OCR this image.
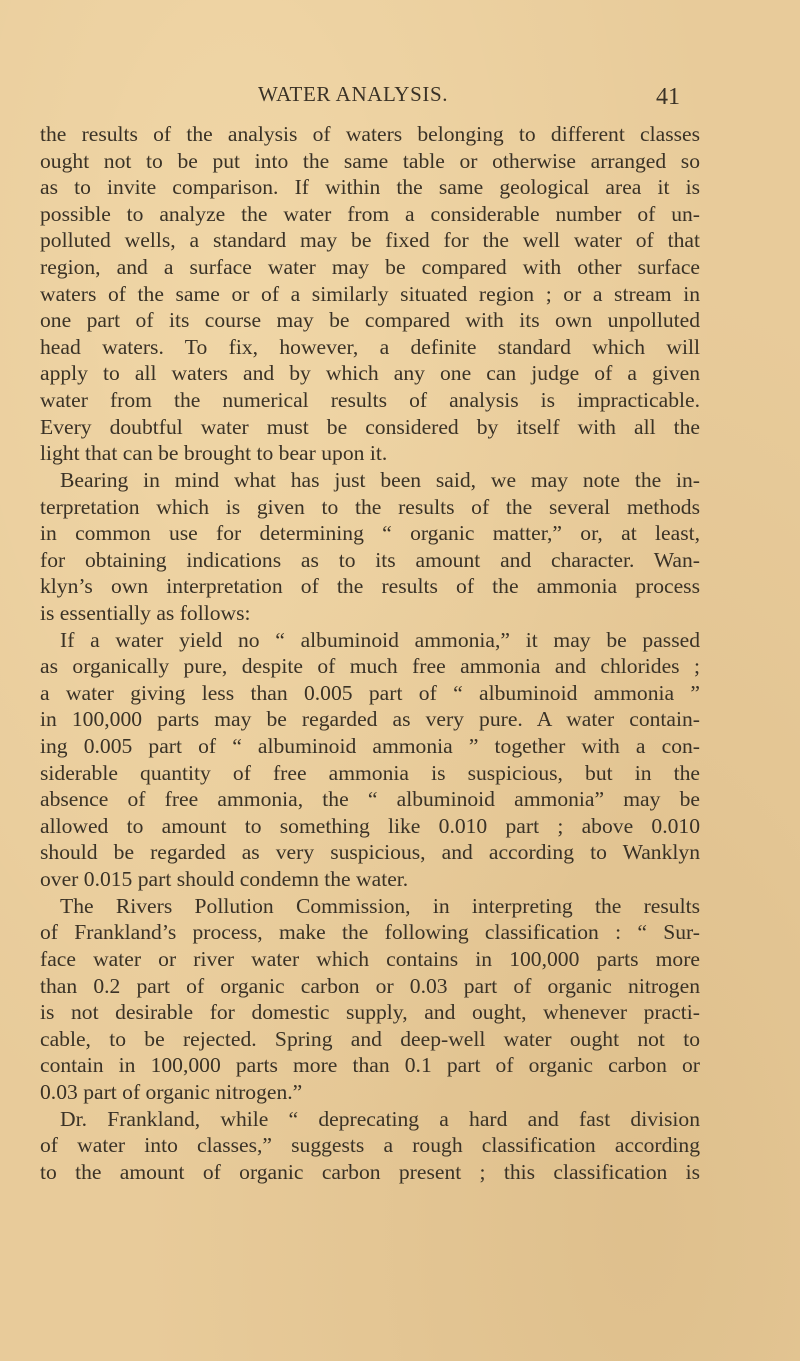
WATER ANALYSIS.	41
the results of the analysis of waters belonging to different classes
ought not to be put into the same table or otherwise arranged so
as to invite comparison. If within the same geological area it is
possible to analyze the water from a considerable number of un-
polluted wells, a standard may be fixed for the well water of that
region, and a surface water may be compared with other surface
waters of the same or of a similarly situated region ; or a stream in
one part of its course may be compared with its own unpolluted
head waters. To fix, however, a definite standard which will
apply to all waters and by which any one can judge of a given
water from the numerical results of analysis is impracticable.
Every doubtful water must be considered by itself with all the
light that can be brought to bear upon it.
Bearing in mind what has just been said, we may note the in-
terpretation which is given to the results of the several methods
in common use for determining “ organic matter,” or, at least,
for obtaining indications as to its amount and character. Wan-
klyn’s own interpretation of the results of the ammonia process
is essentially as follows:
If a water yield no “ albuminoid ammonia,” it may be passed
as organically pure, despite of much free ammonia and chlorides ;
a water giving less than 0.005 part of “ albuminoid ammonia ”
in 100,000 parts may be regarded as very pure. A water contain-
ing 0.005 part of “ albuminoid ammonia ” together with a con-
siderable quantity of free ammonia is suspicious, but in the
absence of free ammonia, the “ albuminoid ammonia” may be
allowed to amount to something like 0.010 part ; above 0.010
should be regarded as very suspicious, and according to Wanklyn
over 0.015 part should condemn the water.
The Rivers Pollution Commission, in interpreting the results
of Frankland’s process, make the following classification : “ Sur-
face water or river water which contains in 100,000 parts more
than 0.2 part of organic carbon or 0.03 part of organic nitrogen
is not desirable for domestic supply, and ought, whenever practi-
cable, to be rejected. Spring and deep-well water ought not to
contain in 100,000 parts more than 0.1 part of organic carbon or
0.03 part of organic nitrogen.”
Dr. Frankland, while “ deprecating a hard and fast division
of water into classes,” suggests a rough classification according
to the amount of organic carbon present ; this classification is
